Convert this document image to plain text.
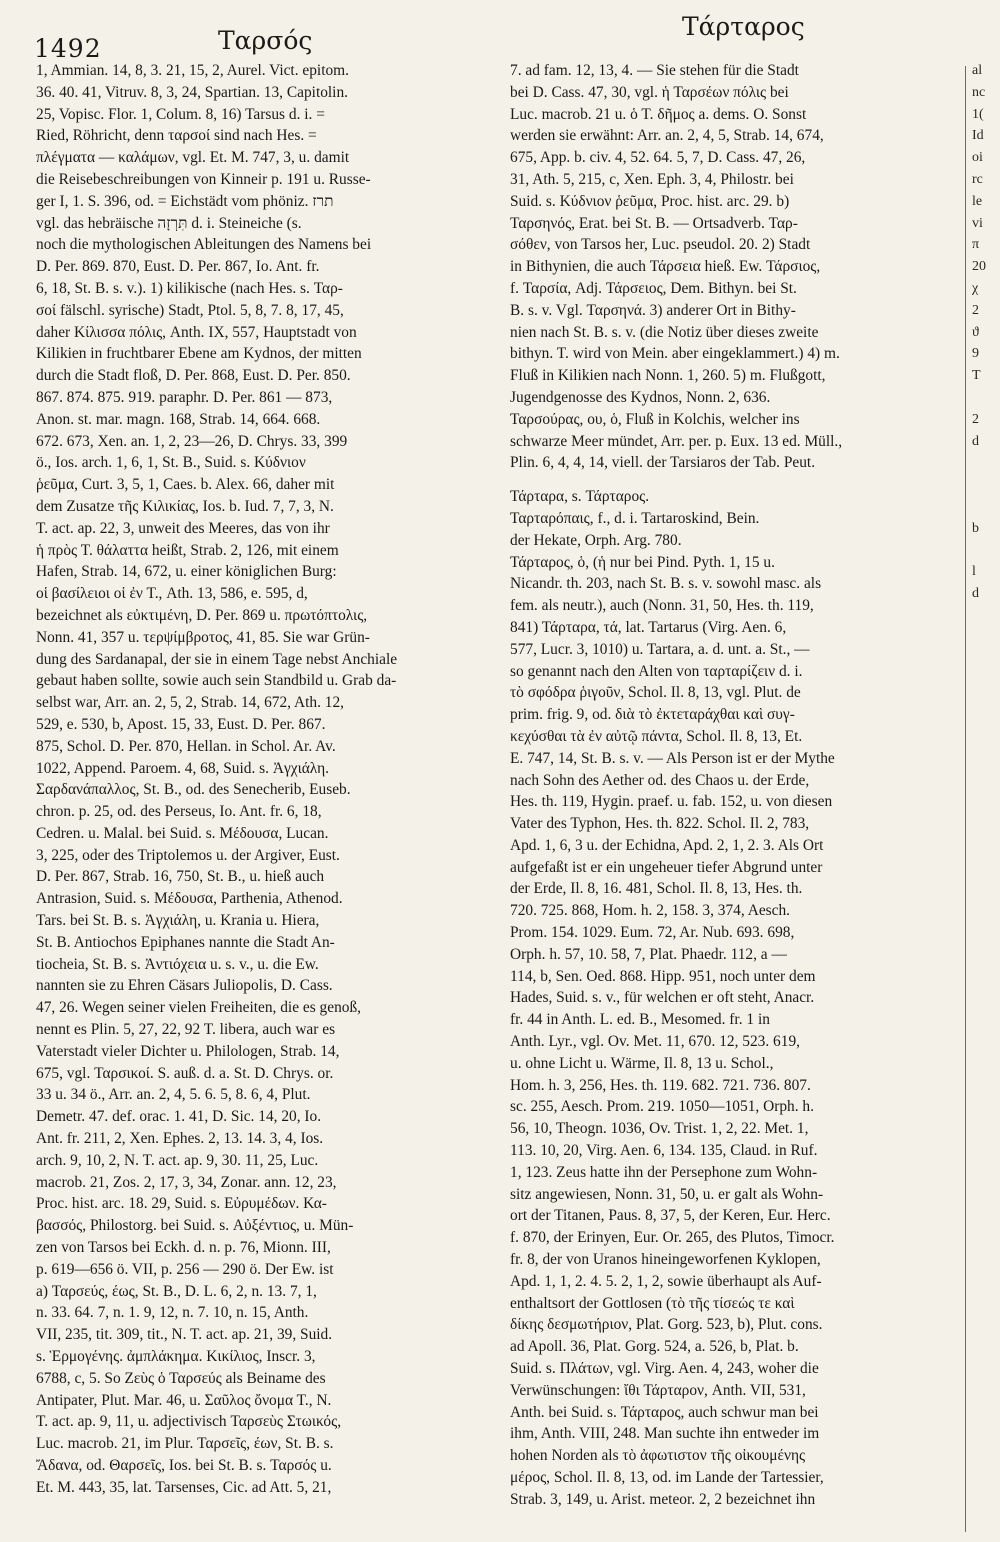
1492	Ταρσός	Τάρταρος
1, Ammian. 14, 8, 3. 21, 15, 2, Aurel. Vict. epitom.
36. 40. 41, Vitruv. 8, 3, 24, Spartian. 13, Capitolin.
25, Vopisc. Flor. 1, Colum. 8, 16) Tarsus d. i. =
Ried, Röhricht, denn ταρσοί sind nach Hes. =
πλέγματα — καλάμων, vgl. Et. M. 747, 3, u. damit
die Reisebeschreibungen von Kinneir p. 191 u. Russe-
ger I, 1. S. 396, od. = Eichstädt vom phöniz. תרז
vgl. das hebräische תִּרְזָה d. i. Steineiche (s.
noch die mythologischen Ableitungen des Namens bei
D. Per. 869. 870, Eust. D. Per. 867, Io. Ant. fr.
6, 18, St. B. s. v.). 1) kilikische (nach Hes. s. Ταρ-
σοί fälschl. syrische) Stadt, Ptol. 5, 8, 7. 8, 17, 45,
daher Κίλισσα πόλις, Anth. IX, 557, Hauptstadt von
Kilikien in fruchtbarer Ebene am Kydnos, der mitten
durch die Stadt floß, D. Per. 868, Eust. D. Per. 850.
867. 874. 875. 919. paraphr. D. Per. 861 — 873,
Anon. st. mar. magn. 168, Strab. 14, 664. 668.
672. 673, Xen. an. 1, 2, 23—26, D. Chrys. 33, 399
ö., Ios. arch. 1, 6, 1, St. B., Suid. s. Κύδνιον
ῥεῦμα, Curt. 3, 5, 1, Caes. b. Alex. 66, daher mit
dem Zusatze τῆς Κιλικίας, Ios. b. Iud. 7, 7, 3, N.
T. act. ap. 22, 3, unweit des Meeres, das von ihr
ἡ πρὸς Τ. θάλαττα heißt, Strab. 2, 126, mit einem
Hafen, Strab. 14, 672, u. einer königlichen Burg:
οἱ βασίλειοι οἱ ἐν Τ., Ath. 13, 586, e. 595, d,
bezeichnet als εὐκτιμένη, D. Per. 869 u. πρωτόπτολις,
Nonn. 41, 357 u. τερψίμβροτος, 41, 85. Sie war Grün-
dung des Sardanapal, der sie in einem Tage nebst Anchiale
gebaut haben sollte, sowie auch sein Standbild u. Grab da-
selbst war, Arr. an. 2, 5, 2, Strab. 14, 672, Ath. 12,
529, e. 530, b, Apost. 15, 33, Eust. D. Per. 867.
875, Schol. D. Per. 870, Hellan. in Schol. Ar. Av.
1022, Append. Paroem. 4, 68, Suid. s. Ἀγχιάλη.
Σαρδανάπαλλος, St. B., od. des Senecherib, Euseb.
chron. p. 25, od. des Perseus, Io. Ant. fr. 6, 18,
Cedren. u. Malal. bei Suid. s. Μέδουσα, Lucan.
3, 225, oder des Triptolemos u. der Argiver, Eust.
D. Per. 867, Strab. 16, 750, St. B., u. hieß auch
Antrasion, Suid. s. Μέδουσα, Parthenia, Athenod.
Tars. bei St. B. s. Ἀγχιάλη, u. Krania u. Hiera,
St. B. Antiochos Epiphanes nannte die Stadt An-
tiocheia, St. B. s. Ἀντιόχεια u. s. v., u. die Ew.
nannten sie zu Ehren Cäsars Juliopolis, D. Cass.
47, 26. Wegen seiner vielen Freiheiten, die es genoß,
nennt es Plin. 5, 27, 22, 92 T. libera, auch war es
Vaterstadt vieler Dichter u. Philologen, Strab. 14,
675, vgl. Ταρσικοί. S. auß. d. a. St. D. Chrys. or.
33 u. 34 ö., Arr. an. 2, 4, 5. 6. 5, 8. 6, 4, Plut.
Demetr. 47. def. orac. 1. 41, D. Sic. 14, 20, Io.
Ant. fr. 211, 2, Xen. Ephes. 2, 13. 14. 3, 4, Ios.
arch. 9, 10, 2, N. T. act. ap. 9, 30. 11, 25, Luc.
macrob. 21, Zos. 2, 17, 3, 34, Zonar. ann. 12, 23,
Proc. hist. arc. 18. 29, Suid. s. Εὐρυμέδων. Κα-
βασσός, Philostorg. bei Suid. s. Αὐξέντιος, u. Mün-
zen von Tarsos bei Eckh. d. n. p. 76, Mionn. III,
p. 619—656 ö. VII, p. 256 — 290 ö. Der Ew. ist
a) Ταρσεύς, έως, St. B., D. L. 6, 2, n. 13. 7, 1,
n. 33. 64. 7, n. 1. 9, 12, n. 7. 10, n. 15, Anth.
VII, 235, tit. 309, tit., N. T. act. ap. 21, 39, Suid.
s. Ἑρμογένης. ἀμπλάκημα. Κικίλιος, Inscr. 3,
6788, c, 5. So Ζεὺς ὁ Ταρσεύς als Beiname des
Antipater, Plut. Mar. 46, u. Σαῦλος ὄνομα Τ., N.
T. act. ap. 9, 11, u. adjectivisch Ταρσεὺς Στωικός,
Luc. macrob. 21, im Plur. Ταρσεῖς, έων, St. B. s.
Ἄδανα, od. Θαρσεῖς, Ios. bei St. B. s. Ταρσός u.
Et. M. 443, 35, lat. Tarsenses, Cic. ad Att. 5, 21,
7. ad fam. 12, 13, 4. — Sie stehen für die Stadt
bei D. Cass. 47, 30, vgl. ἡ Ταρσέων πόλις bei
Luc. macrob. 21 u. ὁ Τ. δῆμος a. dems. O. Sonst
werden sie erwähnt: Arr. an. 2, 4, 5, Strab. 14, 674,
675, App. b. civ. 4, 52. 64. 5, 7, D. Cass. 47, 26,
31, Ath. 5, 215, c, Xen. Eph. 3, 4, Philostr. bei
Suid. s. Κύδνιον ῥεῦμα, Proc. hist. arc. 29. b)
Ταρσηνός, Erat. bei St. B. — Ortsadverb. Ταρ-
σόθεν, von Tarsos her, Luc. pseudol. 20. 2) Stadt
in Bithynien, die auch Τάρσεια hieß. Ew. Τάρσιος,
f. Ταρσία, Adj. Τάρσειος, Dem. Bithyn. bei St.
B. s. v. Vgl. Ταρσηνά. 3) anderer Ort in Bithy-
nien nach St. B. s. v. (die Notiz über dieses zweite
bithyn. T. wird von Mein. aber eingeklammert.) 4) m.
Fluß in Kilikien nach Nonn. 1, 260. 5) m. Flußgott,
Jugendgenosse des Kydnos, Nonn. 2, 636.
Ταρσούρας, ου, ὁ, Fluß in Kolchis, welcher ins
schwarze Meer mündet, Arr. per. p. Eux. 13 ed. Müll.,
Plin. 6, 4, 4, 14, viell. der Tarsiaros der Tab. Peut.
Τάρταρα, s. Τάρταρος.
Ταρταρόπαις, f., d. i. Tartaroskind, Bein.
der Hekate, Orph. Arg. 780.
Τάρταρος, ὁ, (ἡ nur bei Pind. Pyth. 1, 15 u.
Nicandr. th. 203, nach St. B. s. v. sowohl masc. als
fem. als neutr.), auch (Nonn. 31, 50, Hes. th. 119,
841) Τάρταρα, τά, lat. Tartarus (Virg. Aen. 6,
577, Lucr. 3, 1010) u. Tartara, a. d. unt. a. St., —
so genannt nach den Alten von ταρταρίζειν d. i.
τὸ σφόδρα ῥιγοῦν, Schol. Il. 8, 13, vgl. Plut. de
prim. frig. 9, od. διὰ τὸ ἐκτεταράχθαι καὶ συγ-
κεχύσθαι τὰ ἐν αὐτῷ πάντα, Schol. Il. 8, 13, Et.
E. 747, 14, St. B. s. v. — Als Person ist er der Mythe
nach Sohn des Aether od. des Chaos u. der Erde,
Hes. th. 119, Hygin. praef. u. fab. 152, u. von diesen
Vater des Typhon, Hes. th. 822. Schol. Il. 2, 783,
Apd. 1, 6, 3 u. der Echidna, Apd. 2, 1, 2. 3. Als Ort
aufgefaßt ist er ein ungeheuer tiefer Abgrund unter
der Erde, Il. 8, 16. 481, Schol. Il. 8, 13, Hes. th.
720. 725. 868, Hom. h. 2, 158. 3, 374, Aesch.
Prom. 154. 1029. Eum. 72, Ar. Nub. 693. 698,
Orph. h. 57, 10. 58, 7, Plat. Phaedr. 112, a —
114, b, Sen. Oed. 868. Hipp. 951, noch unter dem
Hades, Suid. s. v., für welchen er oft steht, Anacr.
fr. 44 in Anth. L. ed. B., Mesomed. fr. 1 in
Anth. Lyr., vgl. Ov. Met. 11, 670. 12, 523. 619,
u. ohne Licht u. Wärme, Il. 8, 13 u. Schol.,
Hom. h. 3, 256, Hes. th. 119. 682. 721. 736. 807.
sc. 255, Aesch. Prom. 219. 1050—1051, Orph. h.
56, 10, Theogn. 1036, Ov. Trist. 1, 2, 22. Met. 1,
113. 10, 20, Virg. Aen. 6, 134. 135, Claud. in Ruf.
1, 123. Zeus hatte ihn der Persephone zum Wohn-
sitz angewiesen, Nonn. 31, 50, u. er galt als Wohn-
ort der Titanen, Paus. 8, 37, 5, der Keren, Eur. Herc.
f. 870, der Erinyen, Eur. Or. 265, des Plutos, Timocr.
fr. 8, der von Uranos hineingeworfenen Kyklopen,
Apd. 1, 1, 2. 4. 5. 2, 1, 2, sowie überhaupt als Auf-
enthaltsort der Gottlosen (τὸ τῆς τίσεώς τε καὶ
δίκης δεσμωτήριον, Plat. Gorg. 523, b), Plut. cons.
ad Apoll. 36, Plat. Gorg. 524, a. 526, b, Plat. b.
Suid. s. Πλάτων, vgl. Virg. Aen. 4, 243, woher die
Verwünschungen: ἴθι Τάρταρον, Anth. VII, 531,
Anth. bei Suid. s. Τάρταρος, auch schwur man bei
ihm, Anth. VIII, 248. Man suchte ihn entweder im
hohen Norden als τὸ ἀφωτιστον τῆς οἰκουμένης
μέρος, Schol. Il. 8, 13, od. im Lande der Tartessier,
Strab. 3, 149, u. Arist. meteor. 2, 2 bezeichnet ihn
al
nc
1(
Id
oi
rc
le
vi
π
20
χ
2
ϑ
9
T
2
d
b
l
d
